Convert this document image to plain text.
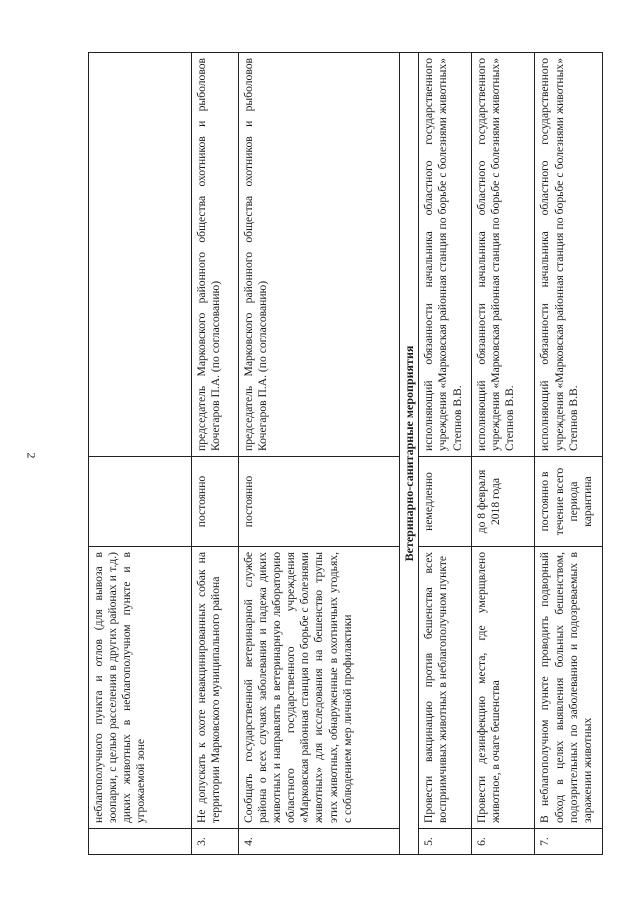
2
	неблагополучного пункта и отлов (для вывоза в зоопарки, с целью расселения в других районах и т.д.) диких животных в неблагополучном пункте и в угрожаемой зоне		
3.	Не допускать к охоте невакцинированных собак на территории Марковского муниципального района	постоянно	председатель Марковского районного общества охотников и рыболовов Кочегаров П.А. (по согласованию)
4.	Сообщать государственной ветеринарной службе района о всех случаях заболевания и падежа диких животных и направлять в ветеринарную лабораторию областного государственного учреждения «Марковская районная станция по борьбе с болезнями животных» для исследования на бешенство трупы этих животных, обнаруженные в охотничьих угодьях, с соблюдением мер личной профилактики	постоянно	председатель Марковского районного общества охотников и рыболовов Кочегаров П.А. (по согласованию)
Ветеринарно-санитарные мероприятия			
5.	Провести вакцинацию против бешенства всех восприимчивых животных в неблагополучном пункте	немедленно	исполняющий обязанности начальника областного государственного учреждения «Марковская районная станция по борьбе с болезнями животных» Степнов В.В.
6.	Провести дезинфекцию места, где умерщвлено животное, в очаге бешенства	до 8 февраля 2018 года	исполняющий обязанности начальника областного государственного учреждения «Марковская районная станция по борьбе с болезнями животных» Степнов В.В.
7.	В неблагополучном пункте проводить подворный обход в целях выявления больных бешенством, подозрительных по заболеванию и подозреваемых в заражении животных	постоянно в течение всего периода карантина	исполняющий обязанности начальника областного государственного учреждения «Марковская районная станция по борьбе с болезнями животных» Степнов В.В.
